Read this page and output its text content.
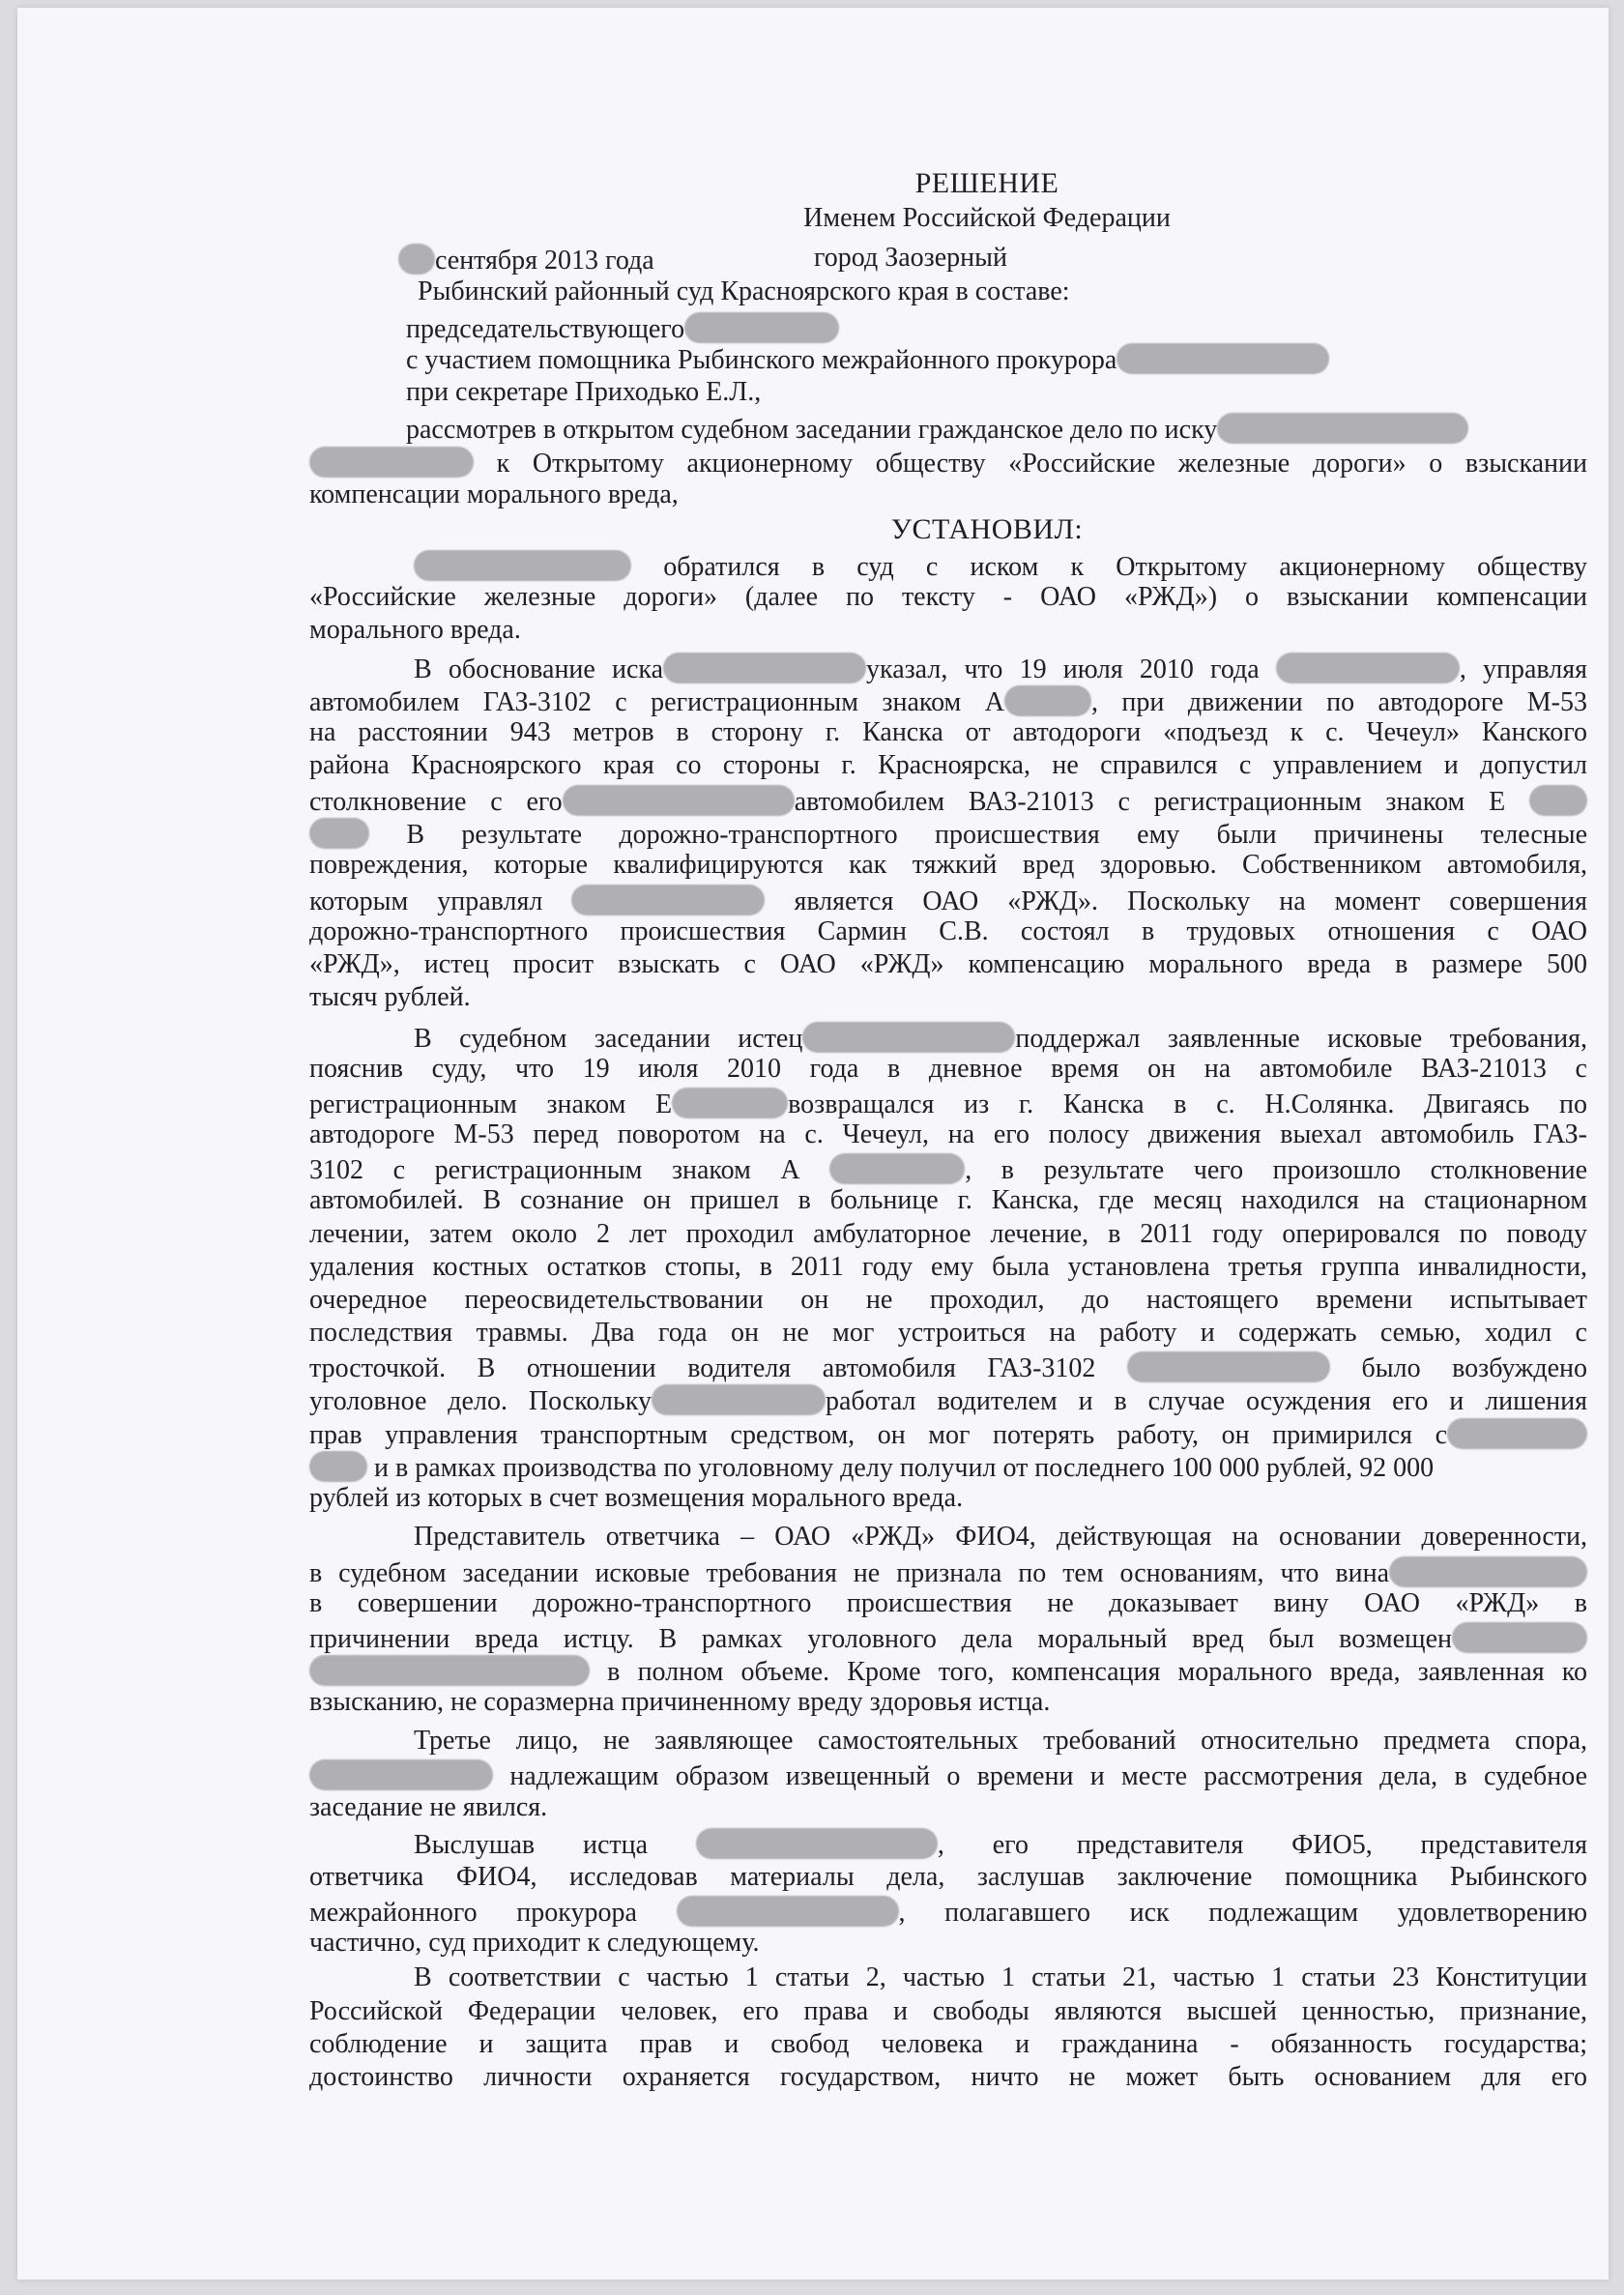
РЕШЕНИЕ
Именем Российской Федерации
сентября 2013 года	город Заозерный
Рыбинский районный суд Красноярского края в составе:
председательствующего
с участием помощника Рыбинского межрайонного прокурора
при секретаре Приходько Е.Л.,
рассмотрев в открытом судебном заседании гражданское дело по иску
к Открытому акционерному обществу «Российские железные дороги» о взыскании
компенсации морального вреда,
УСТАНОВИЛ:
обратился в суд с иском к Открытому акционерному обществу
«Российские железные дороги» (далее по тексту - ОАО «РЖД») о взыскании компенсации
морального вреда.
В обоснование иска	указал, что 19 июля 2010 года	, управляя
автомобилем ГАЗ-3102 с регистрационным знаком А	, при движении по автодороге М-53
на расстоянии 943 метров в сторону г. Канска от автодороги «подъезд к с. Чечеул» Канского
района Красноярского края со стороны г. Красноярска, не справился с управлением и допустил
столкновение с его	автомобилем ВАЗ-21013 с регистрационным знаком Е
В результате дорожно-транспортного происшествия ему были причинены телесные
повреждения, которые квалифицируются как тяжкий вред здоровью. Собственником автомобиля,
которым управлял	является ОАО «РЖД». Поскольку на момент совершения
дорожно-транспортного происшествия Сармин С.В. состоял в трудовых отношения с ОАО
«РЖД», истец просит взыскать с ОАО «РЖД» компенсацию морального вреда в размере 500
тысяч рублей.
В судебном заседании истец	поддержал заявленные исковые требования,
пояснив суду, что 19 июля 2010 года в дневное время он на автомобиле ВАЗ-21013 с
регистрационным знаком Е	возвращался из г. Канска в с. Н.Солянка. Двигаясь по
автодороге М-53 перед поворотом на с. Чечеул, на его полосу движения выехал автомобиль ГАЗ-
3102 с регистрационным знаком А	, в результате чего произошло столкновение
автомобилей. В сознание он пришел в больнице г. Канска, где месяц находился на стационарном
лечении, затем около 2 лет проходил амбулаторное лечение, в 2011 году оперировался по поводу
удаления костных остатков стопы, в 2011 году ему была установлена третья группа инвалидности,
очередное переосвидетельствовании он не проходил, до настоящего времени испытывает
последствия травмы. Два года он не мог устроиться на работу и содержать семью, ходил с
тросточкой. В отношении водителя автомобиля ГАЗ-3102	было возбуждено
уголовное дело. Поскольку	работал водителем и в случае осуждения его и лишения
прав управления транспортным средством, он мог потерять работу, он примирился с
и в рамках производства по уголовному делу получил от последнего 100 000 рублей, 92 000
рублей из которых в счет возмещения морального вреда.
Представитель ответчика – ОАО «РЖД» ФИО4, действующая на основании доверенности,
в судебном заседании исковые требования не признала по тем основаниям, что вина
в совершении дорожно-транспортного происшествия не доказывает вину ОАО «РЖД» в
причинении вреда истцу. В рамках уголовного дела моральный вред был возмещен
в полном объеме. Кроме того, компенсация морального вреда, заявленная ко
взысканию, не соразмерна причиненному вреду здоровья истца.
Третье лицо, не заявляющее самостоятельных требований относительно предмета спора,
надлежащим образом извещенный о времени и месте рассмотрения дела, в судебное
заседание не явился.
Выслушав истца	, его представителя ФИО5, представителя
ответчика ФИО4, исследовав материалы дела, заслушав заключение помощника Рыбинского
межрайонного прокурора	, полагавшего иск подлежащим удовлетворению
частично, суд приходит к следующему.
В соответствии с частью 1 статьи 2, частью 1 статьи 21, частью 1 статьи 23 Конституции
Российской Федерации человек, его права и свободы являются высшей ценностью, признание,
соблюдение и защита прав и свобод человека и гражданина - обязанность государства;
достоинство личности охраняется государством, ничто не может быть основанием для его
